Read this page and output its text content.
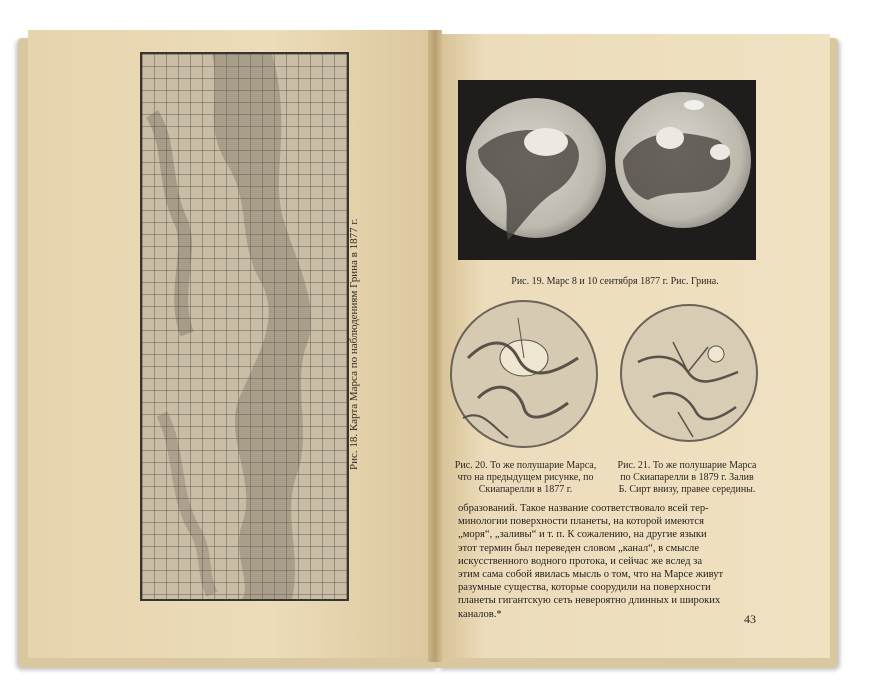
Рис. 18. Карта Марса по наблюдениям Грина в 1877 г.	Рис. 19. Марс 8 и 10 сентября 1877 г. Рис. Грина.
Рис. 20. То же полушарие Марса,
что на предыдущем рисунке, по
Скиапарелли в 1877 г.
Рис. 21. То же полушарие Марса
по Скиапарелли в 1879 г. Залив
Б. Сирт внизу, правее середины.
образований. Такое название соответствовало всей тер-
минологии поверхности планеты, на которой имеются
„моря“, „заливы“ и т. п. К сожалению, на другие языки
этот термин был переведен словом „канал“, в смысле
искусственного водного протока, и сейчас же вслед за
этим сама собой явилась мысль о том, что на Марсе живут
разумные существа, которые соорудили на поверхности
планеты гигантскую сеть невероятно длинных и широких
каналов.*	43
